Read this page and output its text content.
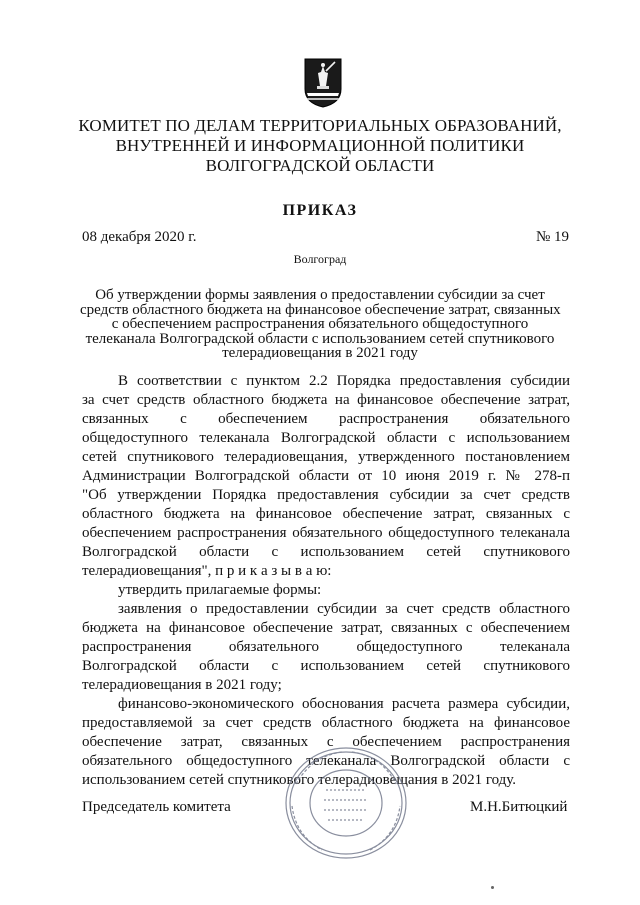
КОМИТЕТ ПО ДЕЛАМ ТЕРРИТОРИАЛЬНЫХ ОБРАЗОВАНИЙ,
ВНУТРЕННЕЙ И ИНФОРМАЦИОННОЙ ПОЛИТИКИ
ВОЛГОГРАДСКОЙ ОБЛАСТИ
ПРИКАЗ
08 декабря 2020 г.	№ 19
Волгоград
Об утверждении формы заявления о предоставлении субсидии за счет
средств областного бюджета на финансовое обеспечение затрат, связанных
с обеспечением распространения обязательного общедоступного
телеканала Волгоградской области с использованием сетей спутникового
телерадиовещания в 2021 году
В соответствии с пунктом 2.2 Порядка предоставления субсидии
за счет средств областного бюджета на финансовое обеспечение затрат,
связанных с обеспечением распространения обязательного
общедоступного телеканала Волгоградской области с использованием
сетей спутникового телерадиовещания, утвержденного постановлением
Администрации Волгоградской области от 10 июня 2019 г. № 278-п
"Об утверждении Порядка предоставления субсидии за счет средств
областного бюджета на финансовое обеспечение затрат, связанных с
обеспечением распространения обязательного общедоступного телеканала
Волгоградской области с использованием сетей спутникового
телерадиовещания", п р и к а з ы в а ю:
утвердить прилагаемые формы:
заявления о предоставлении субсидии за счет средств областного
бюджета на финансовое обеспечение затрат, связанных с обеспечением
распространения обязательного общедоступного телеканала
Волгоградской области с использованием сетей спутникового
телерадиовещания в 2021 году;
финансово-экономического обоснования расчета размера субсидии,
предоставляемой за счет средств областного бюджета на финансовое
обеспечение затрат, связанных с обеспечением распространения
обязательного общедоступного телеканала Волгоградской области с
использованием сетей спутникового телерадиовещания в 2021 году.
Председатель комитета	М.Н.Битюцкий
